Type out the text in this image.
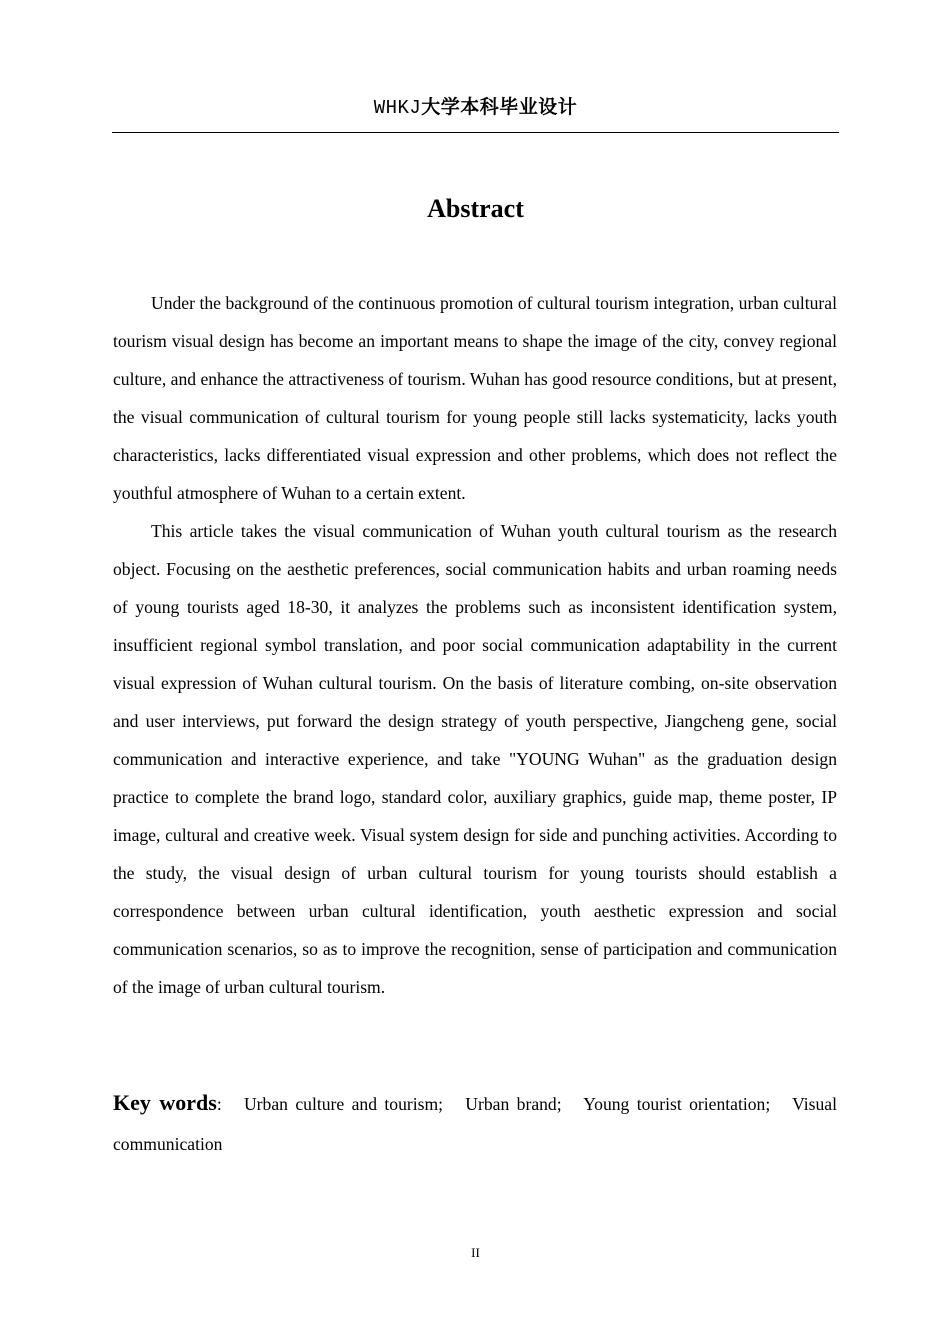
WHKJ大学本科毕业设计
Abstract

Under the background of the continuous promotion of cultural tourism integration, urban cultural tourism visual design has become an important means to shape the image of the city, convey regional culture, and enhance the attractiveness of tourism. Wuhan has good resource conditions, but at present, the visual communication of cultural tourism for young people still lacks systematicity, lacks youth characteristics, lacks differentiated visual expression and other problems, which does not reflect the youthful atmosphere of Wuhan to a certain extent.

This article takes the visual communication of Wuhan youth cultural tourism as the research object. Focusing on the aesthetic preferences, social communication habits and urban roaming needs of young tourists aged 18-30, it analyzes the problems such as inconsistent identification system, insufficient regional symbol translation, and poor social communication adaptability in the current visual expression of Wuhan cultural tourism. On the basis of literature combing, on-site observation and user interviews, put forward the design strategy of youth perspective, Jiangcheng gene, social communication and interactive experience, and take "YOUNG Wuhan" as the graduation design practice to complete the brand logo, standard color, auxiliary graphics, guide map, theme poster, IP image, cultural and creative week. Visual system design for side and punching activities. According to the study, the visual design of urban cultural tourism for young tourists should establish a correspondence between urban cultural identification, youth aesthetic expression and social communication scenarios, so as to improve the recognition, sense of participation and communication of the image of urban cultural tourism.

Key words: Urban culture and tourism; Urban brand; Young tourist orientation; Visual communication

II
